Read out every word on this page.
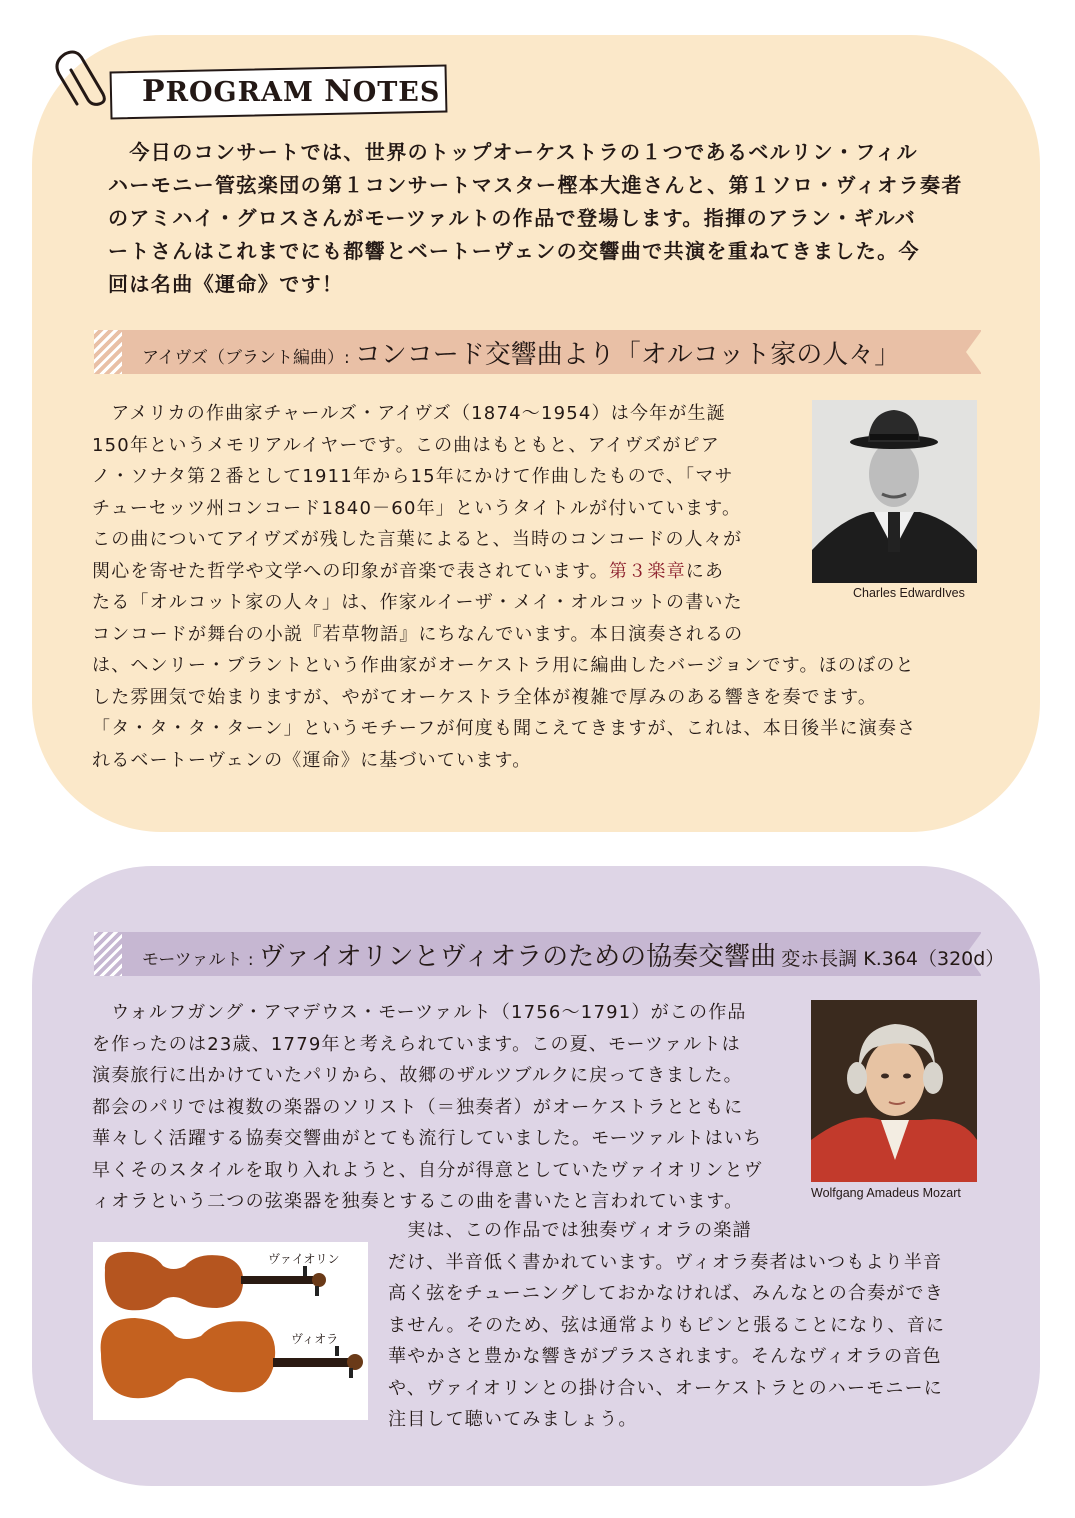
PROGRAM NOTES
　今日のコンサートでは、世界のトップオーケストラの１つであるベルリン・フィル
ハーモニー管弦楽団の第１コンサートマスター樫本大進さんと、第１ソロ・ヴィオラ奏者
のアミハイ・グロスさんがモーツァルトの作品で登場します。指揮のアラン・ギルバ
ートさんはこれまでにも都響とベートーヴェンの交響曲で共演を重ねてきました。今
回は名曲《運命》です！
アイヴズ（ブラント編曲）: コンコード交響曲より「オルコット家の人々」
　アメリカの作曲家チャールズ・アイヴズ（1874〜1954）は今年が生誕
150年というメモリアルイヤーです。この曲はもともと、アイヴズがピア
ノ・ソナタ第２番として1911年から15年にかけて作曲したもので、「マサ
チューセッツ州コンコード1840－60年」というタイトルが付いています。
この曲についてアイヴズが残した言葉によると、当時のコンコードの人々が
関心を寄せた哲学や文学への印象が音楽で表されています。第３楽章にあ
たる「オルコット家の人々」は、作家ルイーザ・メイ・オルコットの書いた
コンコードが舞台の小説『若草物語』にちなんでいます。本日演奏されるの
は、ヘンリー・ブラントという作曲家がオーケストラ用に編曲したバージョンです。ほのぼのと
した雰囲気で始まりますが、やがてオーケストラ全体が複雑で厚みのある響きを奏でます。
「タ・タ・タ・ターン」というモチーフが何度も聞こえてきますが、これは、本日後半に演奏さ
れるベートーヴェンの《運命》に基づいています。
Charles EdwardIves
モーツァルト : ヴァイオリンとヴィオラのための協奏交響曲 変ホ長調 K.364（320d）
　ウォルフガング・アマデウス・モーツァルト（1756〜1791）がこの作品
を作ったのは23歳、1779年と考えられています。この夏、モーツァルトは
演奏旅行に出かけていたパリから、故郷のザルツブルクに戻ってきました。
都会のパリでは複数の楽器のソリスト（＝独奏者）がオーケストラとともに
華々しく活躍する協奏交響曲がとても流行していました。モーツァルトはいち
早くそのスタイルを取り入れようと、自分が得意としていたヴァイオリンとヴ
ィオラという二つの弦楽器を独奏とするこの曲を書いたと言われています。
　実は、この作品では独奏ヴィオラの楽譜
だけ、半音低く書かれています。ヴィオラ奏者はいつもより半音
高く弦をチューニングしておかなければ、みんなとの合奏ができ
ません。そのため、弦は通常よりもピンと張ることになり、音に
華やかさと豊かな響きがプラスされます。そんなヴィオラの音色
や、ヴァイオリンとの掛け合い、オーケストラとのハーモニーに
注目して聴いてみましょう。
Wolfgang Amadeus Mozart
ヴァイオリン
ヴィオラ
